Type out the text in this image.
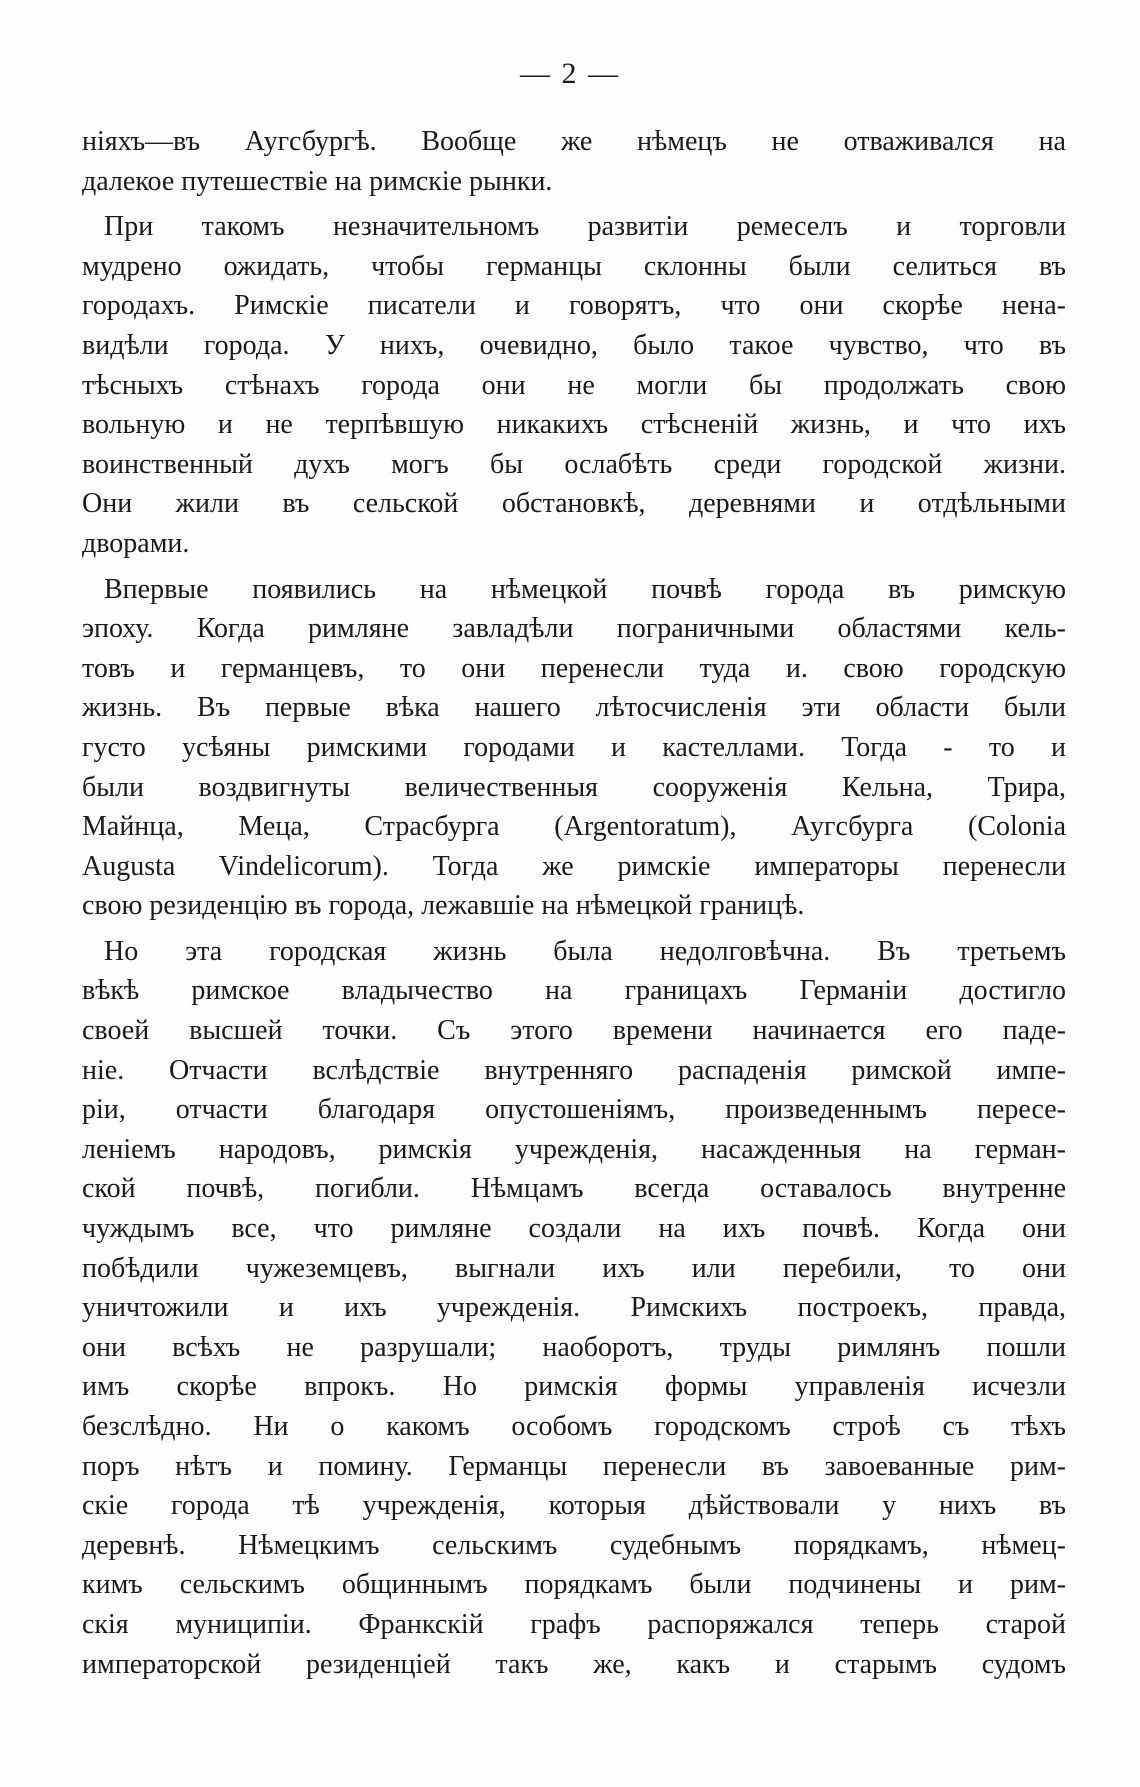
— 2 —
ніяхъ—въ Аугсбургѣ. Вообще же нѣмецъ не отваживался на
далекое путешествіе на римскіе рынки.
При такомъ незначительномъ развитіи ремеселъ и торговли
мудрено ожидать, чтобы германцы склонны были селиться въ
городахъ. Римскіе писатели и говорятъ, что они скорѣе нена-
видѣли города. У нихъ, очевидно, было такое чувство, что въ
тѣсныхъ стѣнахъ города они не могли бы продолжать свою
вольную и не терпѣвшую никакихъ стѣсненій жизнь, и что ихъ
воинственный духъ могъ бы ослабѣть среди городской жизни.
Они жили въ сельской обстановкѣ, деревнями и отдѣльными
дворами.
Впервые появились на нѣмецкой почвѣ города въ римскую
эпоху. Когда римляне завладѣли пограничными областями кель-
товъ и германцевъ, то они перенесли туда и. свою городскую
жизнь. Въ первые вѣка нашего лѣтосчисленія эти области были
густо усѣяны римскими городами и кастеллами. Тогда - то и
были воздвигнуты величественныя сооруженія Кельна, Трира,
Майнца, Меца, Страсбурга (Argentoratum), Аугсбурга (Colonia
Augusta Vindelicorum). Тогда же римскіе императоры перенесли
свою резиденцію въ города, лежавшіе на нѣмецкой границѣ.
Но эта городская жизнь была недолговѣчна. Въ третьемъ
вѣкѣ римское владычество на границахъ Германіи достигло
своей высшей точки. Съ этого времени начинается его паде-
ніе. Отчасти вслѣдствіе внутренняго распаденія римской импе-
ріи, отчасти благодаря опустошеніямъ, произведеннымъ пересе-
леніемъ народовъ, римскія учрежденія, насажденныя на герман-
ской почвѣ, погибли. Нѣмцамъ всегда оставалось внутренне
чуждымъ все, что римляне создали на ихъ почвѣ. Когда они
побѣдили чужеземцевъ, выгнали ихъ или перебили, то они
уничтожили и ихъ учрежденія. Римскихъ построекъ, правда,
они всѣхъ не разрушали; наоборотъ, труды римлянъ пошли
имъ скорѣе впрокъ. Но римскія формы управленія исчезли
безслѣдно. Ни о какомъ особомъ городскомъ строѣ съ тѣхъ
поръ нѣтъ и помину. Германцы перенесли въ завоеванные рим-
скіе города тѣ учрежденія, которыя дѣйствовали у нихъ въ
деревнѣ. Нѣмецкимъ сельскимъ судебнымъ порядкамъ, нѣмец-
кимъ сельскимъ общиннымъ порядкамъ были подчинены и рим-
скія муниципіи. Франкскій графъ распоряжался теперь старой
императорской резиденціей такъ же, какъ и старымъ судомъ
